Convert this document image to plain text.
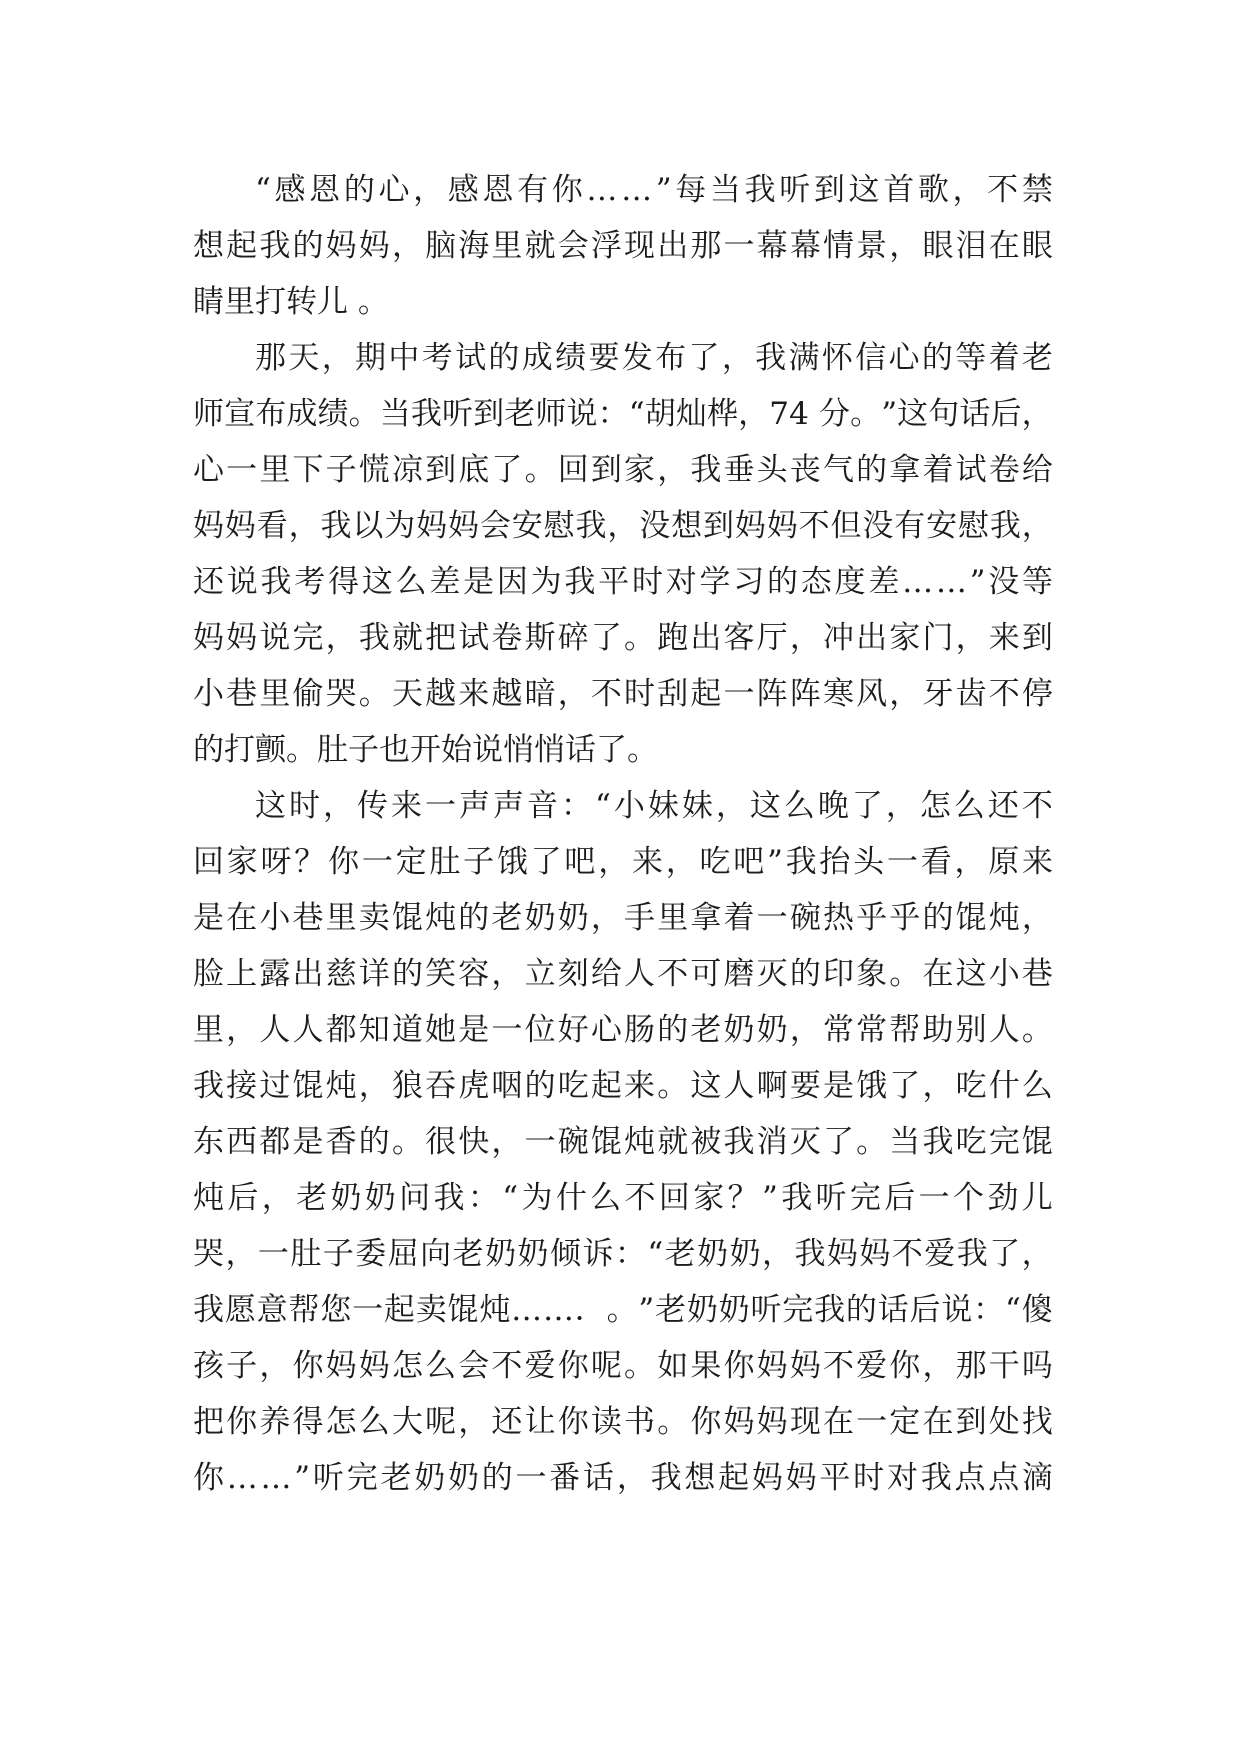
“ 感 恩 的 心 ， 感 恩 有 你 … … ” 每 当 我 听 到 这 首 歌 ， 不 禁
想 起 我 的 妈 妈 ， 脑 海 里 就 会 浮 现 出 那 一 幕 幕 情 景 ， 眼 泪 在 眼
睛里打转儿 。
那 天 ， 期 中 考 试 的 成 绩 要 发 布 了 ， 我 满 怀 信 心 的 等 着 老
师 宣 布 成 绩 。 当 我 听 到 老 师 说 ： “ 胡 灿 桦 ， 7 4
分 。 ” 这 句 话 后 ，
心 一 里 下 子 慌 凉 到 底 了 。 回 到 家 ， 我 垂 头 丧 气 的 拿 着 试 卷 给
妈 妈 看 ， 我 以 为 妈 妈 会 安 慰 我 ， 没 想 到 妈 妈 不 但 没 有 安 慰 我 ，
还 说 我 考 得 这 么 差 是 因 为 我 平 时 对 学 习 的 态 度 差 … … ” 没 等
妈 妈 说 完 ， 我 就 把 试 卷 斯 碎 了 。 跑 出 客 厅 ， 冲 出 家 门 ， 来 到
小 巷 里 偷 哭 。 天 越 来 越 暗 ， 不 时 刮 起 一 阵 阵 寒 风 ， 牙 齿 不 停
的打颤。肚子也开始说悄悄话了。
这 时 ， 传 来 一 声 声 音 ： “ 小 妹 妹 ， 这 么 晚 了 ， 怎 么 还 不
回 家 呀 ？ 你 一 定 肚 子 饿 了 吧 ， 来 ， 吃 吧 ” 我 抬 头 一 看 ， 原 来
是 在 小 巷 里 卖 馄 炖 的 老 奶 奶 ， 手 里 拿 着 一 碗 热 乎 乎 的 馄 炖 ，
脸 上 露 出 慈 详 的 笑 容 ， 立 刻 给 人 不 可 磨 灭 的 印 象 。 在 这 小 巷
里 ， 人 人 都 知 道 她 是 一 位 好 心 肠 的 老 奶 奶 ， 常 常 帮 助 别 人 。
我 接 过 馄 炖 ， 狼 吞 虎 咽 的 吃 起 来 。 这 人 啊 要 是 饿 了 ， 吃 什 么
东 西 都 是 香 的 。 很 快 ， 一 碗 馄 炖 就 被 我 消 灭 了 。 当 我 吃 完 馄
炖 后 ， 老 奶 奶 问 我 ： “ 为 什 么 不 回 家 ？ ” 我 听 完 后 一 个 劲 儿
哭 ， 一 肚 子 委 屈 向 老 奶 奶 倾 诉 ： “ 老 奶 奶 ， 我 妈 妈 不 爱 我 了 ，
我 愿 意 帮 您 一 起 卖 馄 炖 … … ． 。 ” 老 奶 奶 听 完 我 的 话 后 说 ： “ 傻
孩 子 ， 你 妈 妈 怎 么 会 不 爱 你 呢 。 如 果 你 妈 妈 不 爱 你 ， 那 干 吗
把 你 养 得 怎 么 大 呢 ， 还 让 你 读 书 。 你 妈 妈 现 在 一 定 在 到 处 找
你 … … ” 听 完 老 奶 奶 的 一 番 话 ， 我 想 起 妈 妈 平 时 对 我 点 点 滴
